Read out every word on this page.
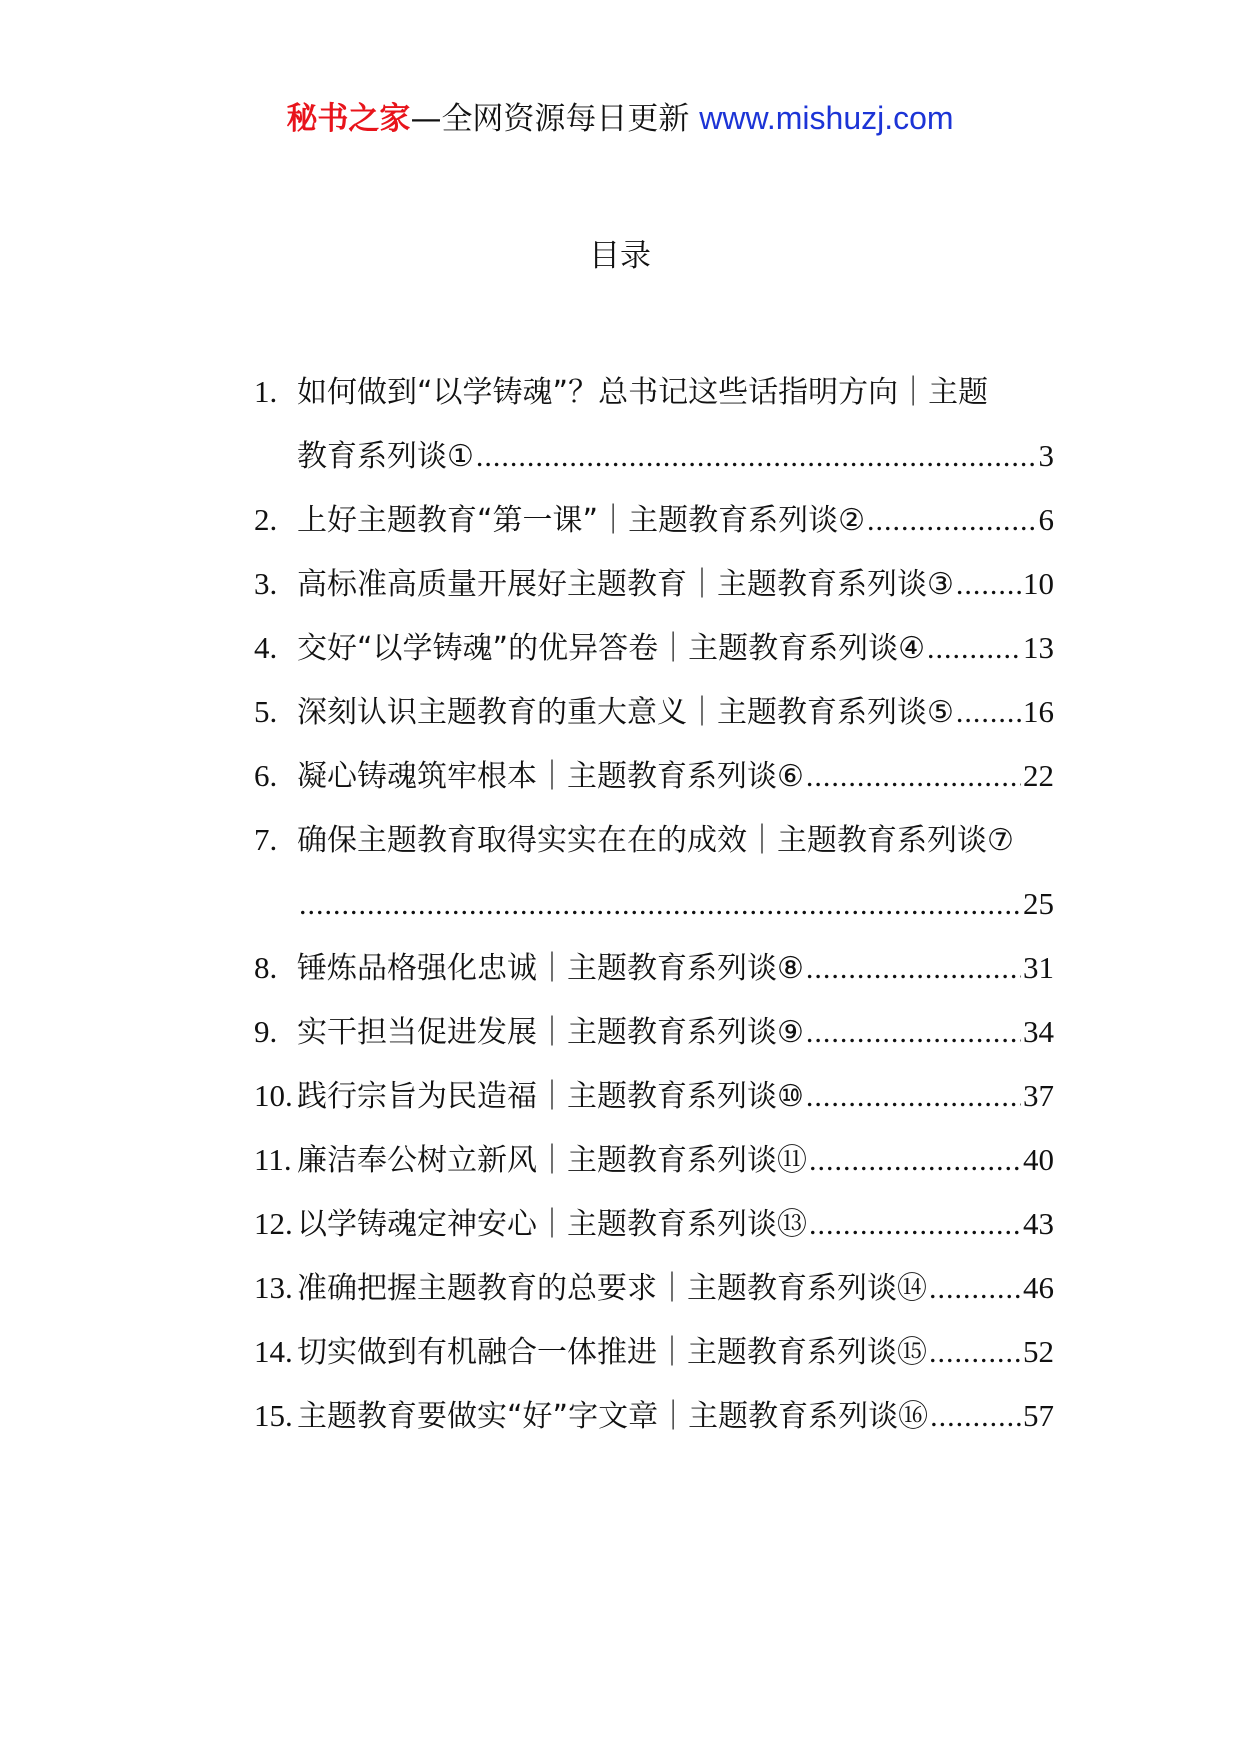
秘书之家—全网资源每日更新 www.mishuzj.com
目录
1. 如何做到“以学铸魂”？总书记这些话指明方向｜主题
教育系列谈① .....	3
2. 上好主题教育“第一课”｜主题教育系列谈② .....	6
3. 高标准高质量开展好主题教育｜主题教育系列谈③ ..... 10
4. 交好“以学铸魂”的优异答卷｜主题教育系列谈④ .....	13
5. 深刻认识主题教育的重大意义｜主题教育系列谈⑤ ..... 16
6. 凝心铸魂筑牢根本｜主题教育系列谈⑥ .....	22
7. 确保主题教育取得实实在在的成效｜主题教育系列谈⑦
.....
25
8. 锤炼品格强化忠诚｜主题教育系列谈⑧ .....	31
9. 实干担当促进发展｜主题教育系列谈⑨ .....	34
10. 践行宗旨为民造福｜主题教育系列谈⑩ .....	37
11. 廉洁奉公树立新风｜主题教育系列谈⑪ .....	40
12. 以学铸魂定神安心｜主题教育系列谈⑬ .....	43
13. 准确把握主题教育的总要求｜主题教育系列谈⑭ .....	46
14. 切实做到有机融合一体推进｜主题教育系列谈⑮ .....	52
15. 主题教育要做实“好”字文章｜主题教育系列谈⑯ .....	57
